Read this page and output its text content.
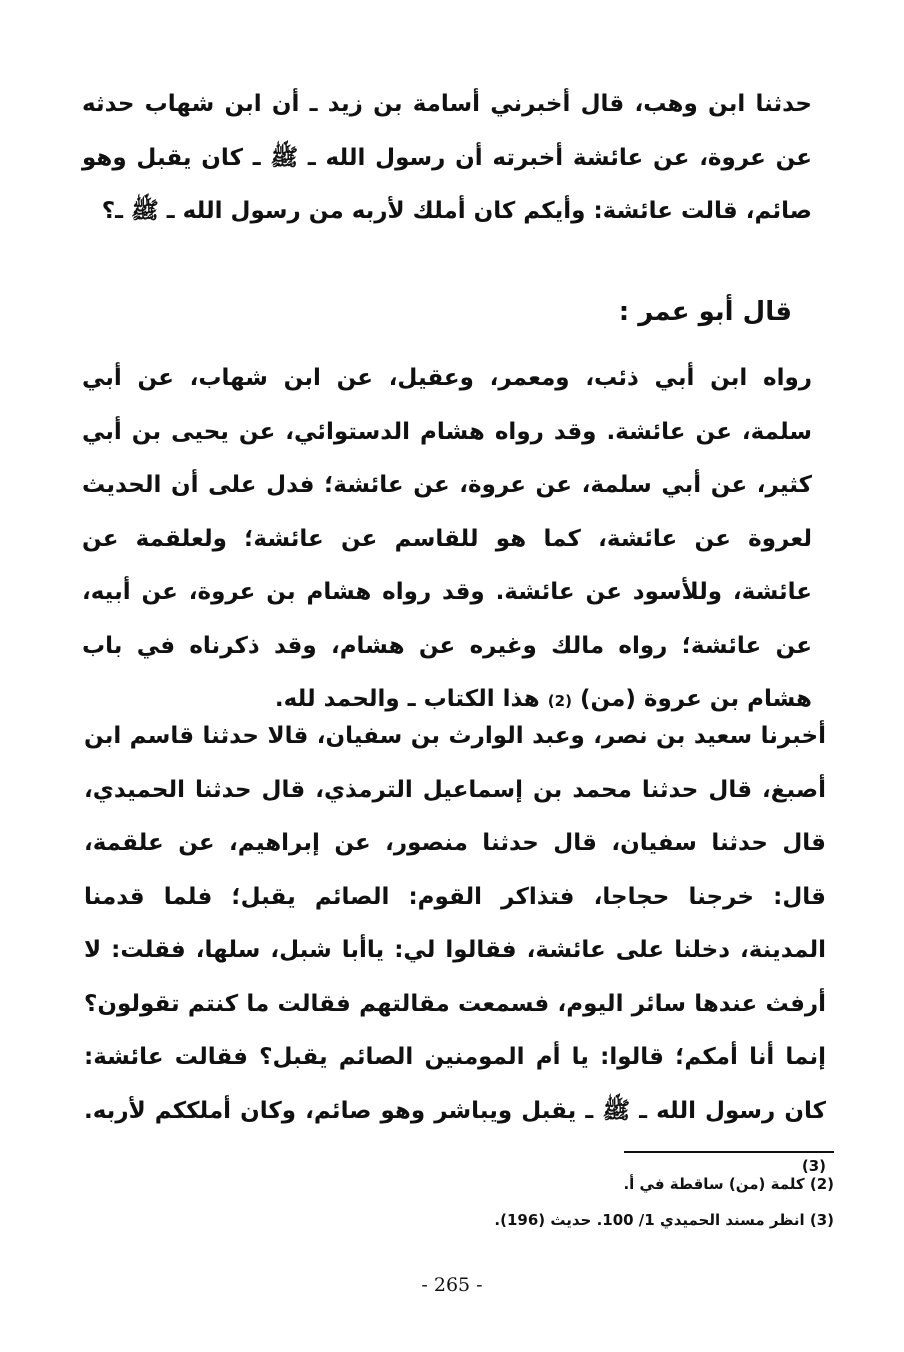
حدثنا ابن وهب، قال أخبرني أسامة بن زيد ـ أن ابن شهاب حدثه عن عروة، عن عائشة أخبرته أن رسول الله ـ ﷺ ـ كان يقبل وهو صائم، قالت عائشة: وأيكم كان أملك لأربه من رسول الله ـ ﷺ ـ؟

قال أبو عمر :

رواه ابن أبي ذئب، ومعمر، وعقيل، عن ابن شهاب، عن أبي سلمة، عن عائشة. وقد رواه هشام الدستوائي، عن يحيى بن أبي كثير، عن أبي سلمة، عن عروة، عن عائشة؛ فدل على أن الحديث لعروة عن عائشة، كما هو للقاسم عن عائشة؛ ولعلقمة عن عائشة، وللأسود عن عائشة. وقد رواه هشام بن عروة، عن أبيه، عن عائشة؛ رواه مالك وغيره عن هشام، وقد ذكرناه في باب هشام بن عروة (من) (2) هذا الكتاب ـ والحمد لله.

أخبرنا سعيد بن نصر، وعبد الوارث بن سفيان، قالا حدثنا قاسم ابن أصبغ، قال حدثنا محمد بن إسماعيل الترمذي، قال حدثنا الحميدي، قال حدثنا سفيان، قال حدثنا منصور، عن إبراهيم، عن علقمة، قال: خرجنا حجاجا، فتذاكر القوم: الصائم يقبل؛ فلما قدمنا المدينة، دخلنا على عائشة، فقالوا لي: ياأبا شبل، سلها، فقلت: لا أرفث عندها سائر اليوم، فسمعت مقالتهم فقالت ما كنتم تقولون؟ إنما أنا أمكم؛ قالوا: يا أم المومنين الصائم يقبل؟ فقالت عائشة: كان رسول الله ـ ﷺ ـ يقبل ويباشر وهو صائم، وكان أملككم لأربه. (3)

(2) كلمة (من) ساقطة في أ.
(3) انظر مسند الحميدي 1/ 100. حديث (196).
- 265 -
